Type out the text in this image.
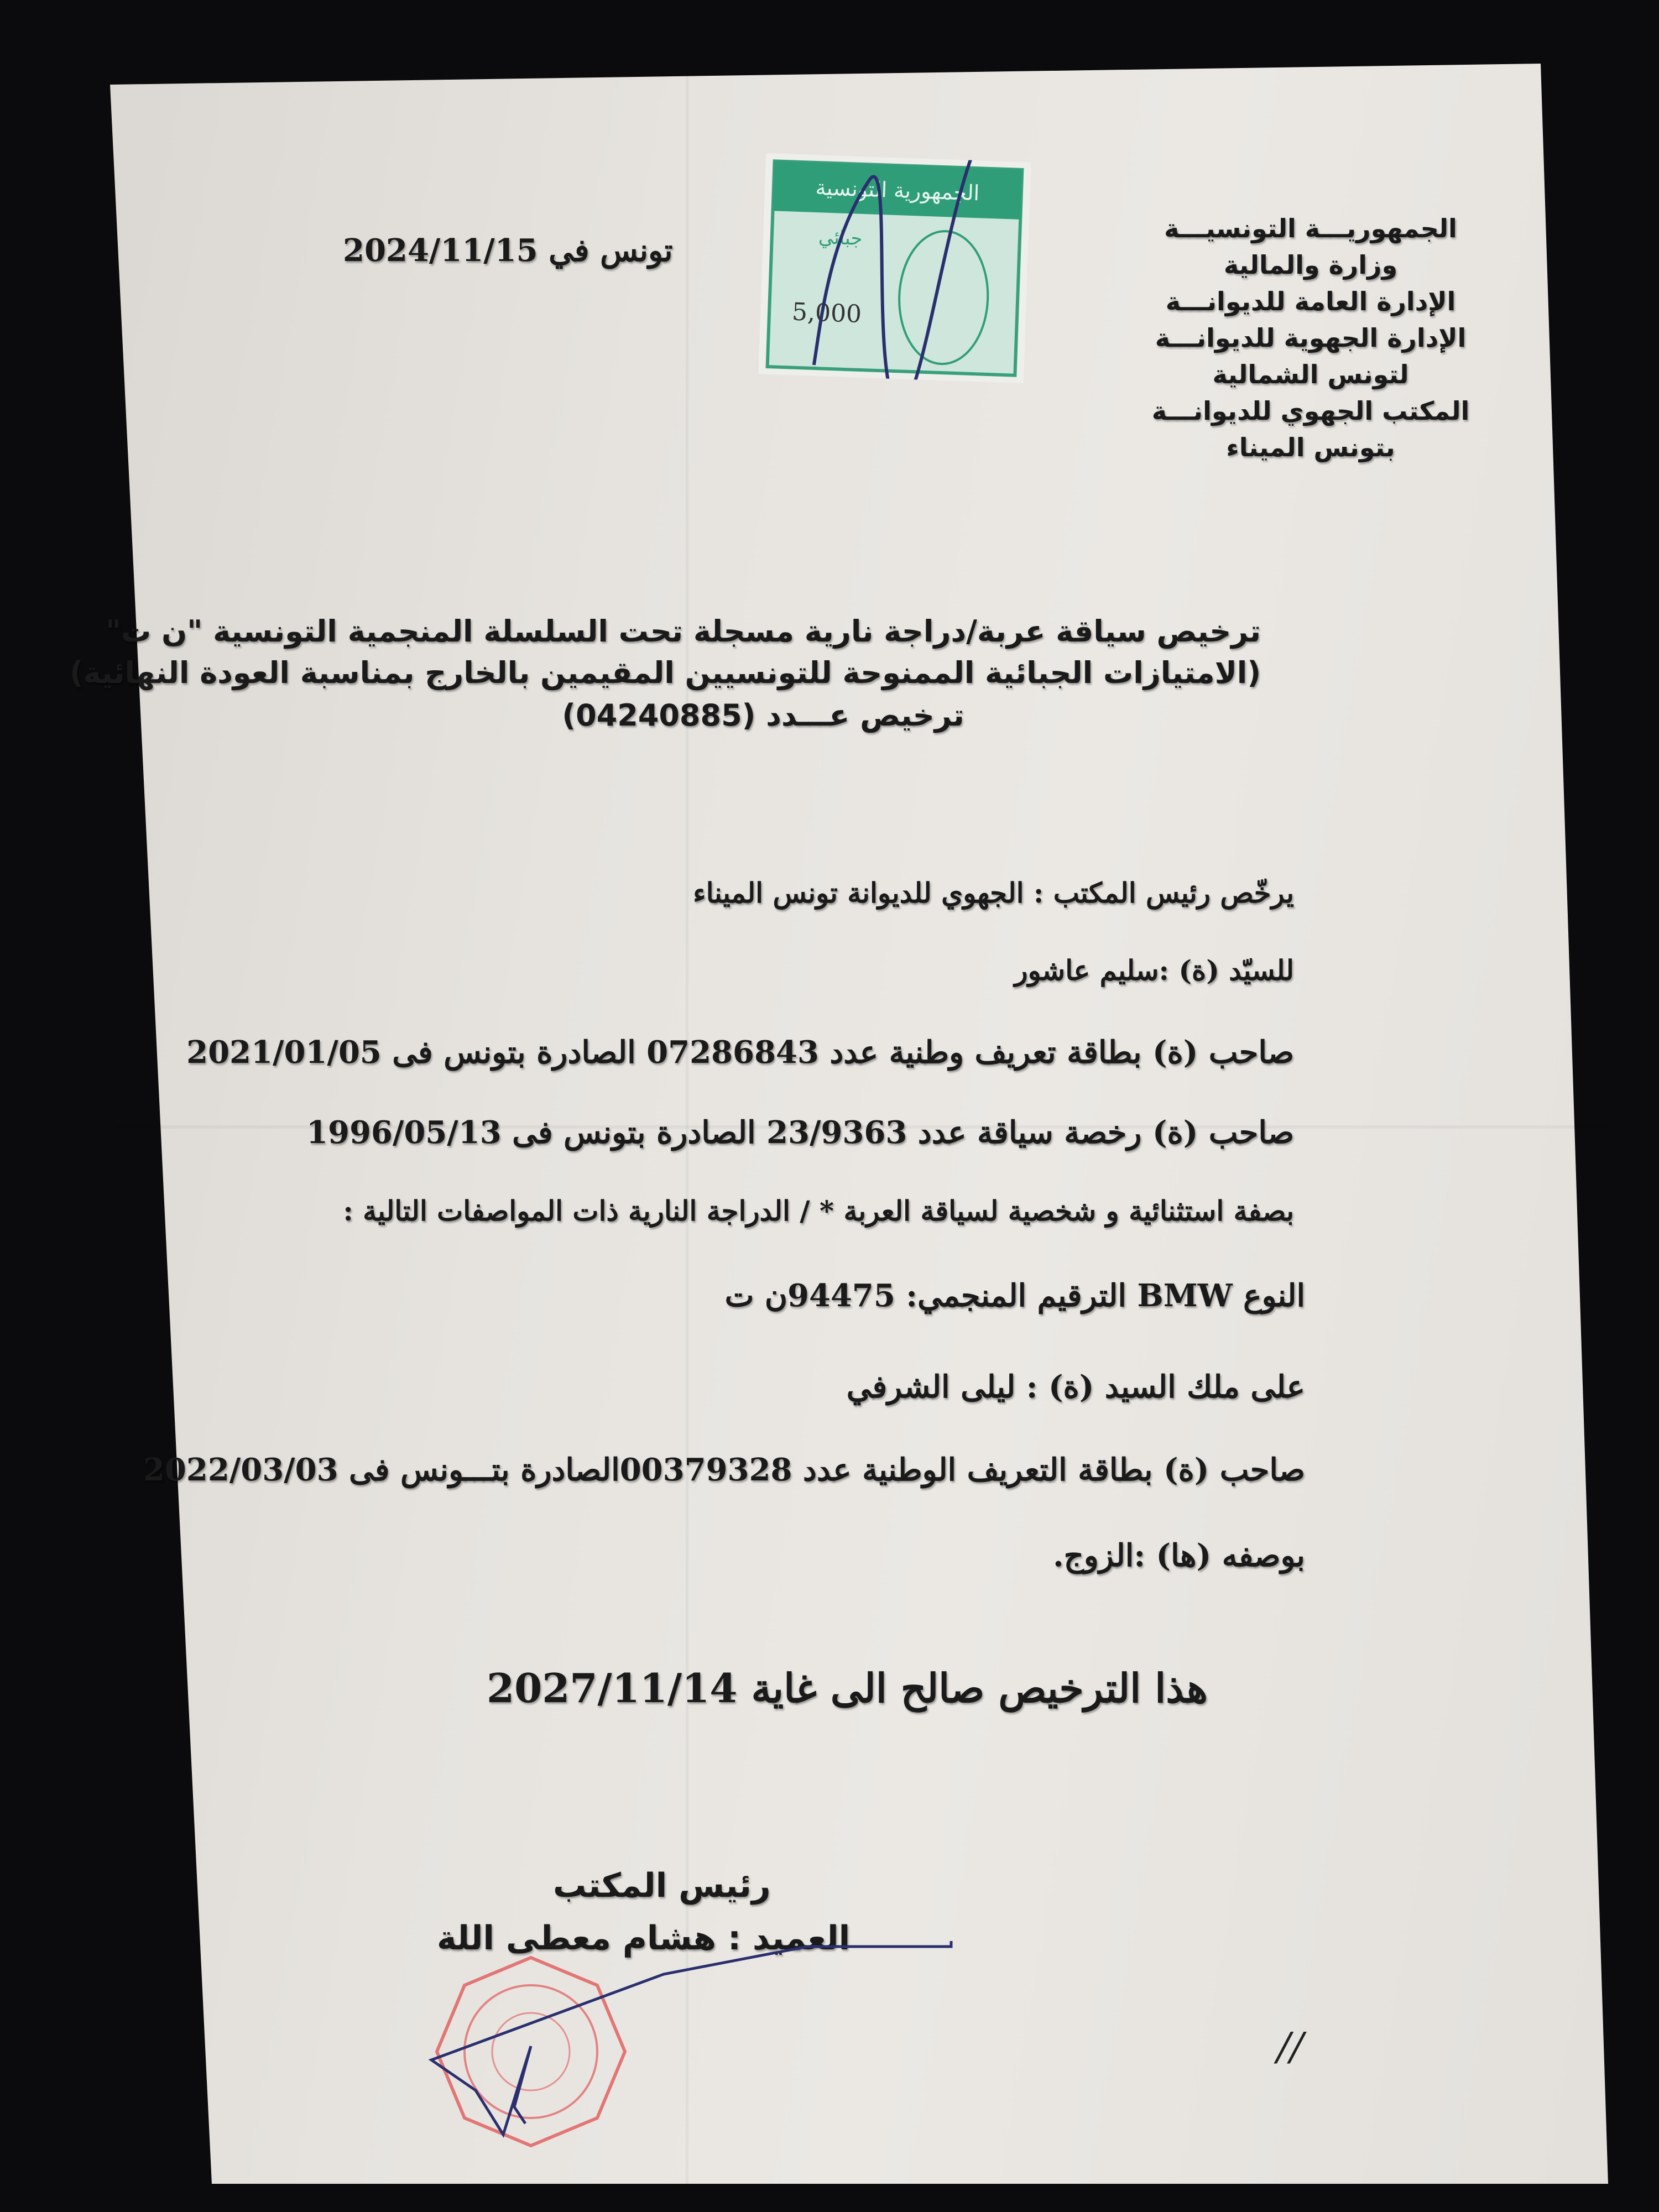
الجمهوريـــة التونسيـــة
وزارة والمالية
الإدارة العامة للديوانـــة
الإدارة الجهوية للديوانـــة
لتونس الشمالية
المكتب الجهوي للديوانـــة
بتونس الميناء
تونس في 2024/11/15
الجمهورية التونسية
جبائي
5,000
ترخيص سياقة عربة/دراجة نارية مسجلة تحت السلسلة المنجمية التونسية "ن ت"
(الامتيازات الجبائية الممنوحة للتونسيين المقيمين بالخارج بمناسبة العودة النهائية)
ترخيص عـــدد (04240885)
يرخّص رئيس المكتب : الجهوي للديوانة تونس الميناء
للسيّد (ة) :سليم عاشور
صاحب (ة) بطاقة تعريف وطنية عدد 07286843 الصادرة بتونس فى 2021/01/05
صاحب (ة) رخصة سياقة عدد 23/9363 الصادرة بتونس فى 1996/05/13
بصفة استثنائية و شخصية لسياقة العربة * / الدراجة النارية ذات المواصفات التالية :
النوع BMW الترقيم المنجمي: 94475ن ت
على ملك السيد (ة) : ليلى الشرفي
صاحب (ة) بطاقة التعريف الوطنية عدد 00379328الصادرة بتـــونس فى 2022/03/03
بوصفه (ها) :الزوج.
هذا الترخيص صالح الى غاية 2027/11/14
رئيس المكتب
العميد : هشام معطى اللة
//
